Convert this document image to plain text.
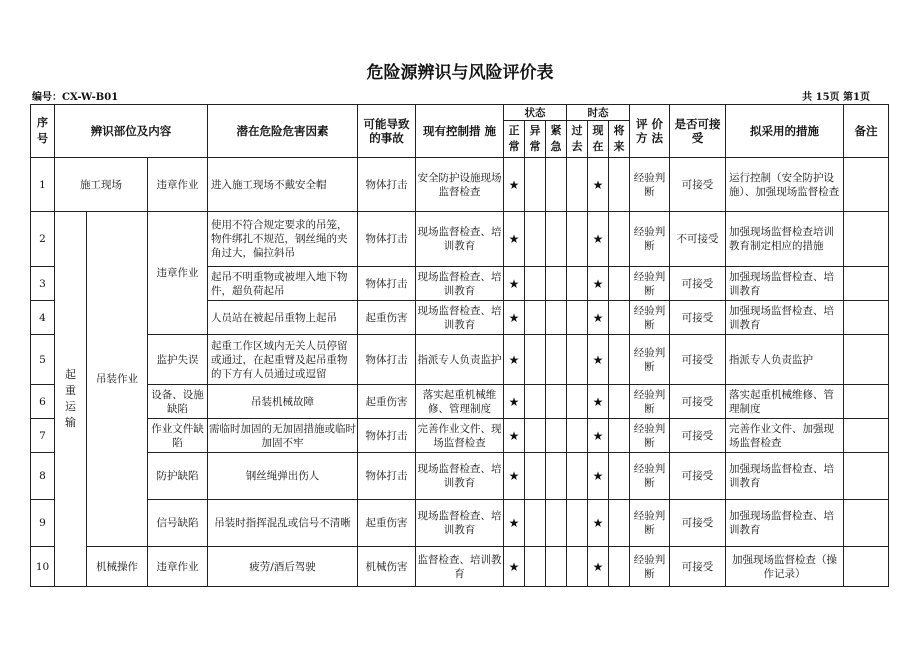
危险源辨识与风险评价表
编号：CX-W-B01	共 15页 第1页
序号	辨识部位及内容			潜在危险危害因素	可能导致的事故	现有控制措 施	状态			时态			评 价方 法	是否可接受	拟采用的措施	备注

							正常	异常	紧急	过去	现在	将来				

1	施工现场		违章作业	进入施工现场不戴安全帽	物体打击	安全防护设施现场监督检查	★				★		经验判断	可接受	运行控制（安全防护设施）、加强现场监督检查	
2	起重运输	吊装作业	违章作业	使用不符合规定要求的吊笼，物件绑扎不规范，钢丝绳的夹角过大，偏拉斜吊	物体打击	现场监督检查、培训教育	★				★		经验判断	不可接受	加强现场监督检查培训教育制定相应的措施	
3				起吊不明重物或被埋入地下物件，超负荷起吊	物体打击	现场监督检查、培训教育	★				★		经验判断	可接受	加强现场监督检查、培训教育	
4				人员站在被起吊重物上起吊	起重伤害	现场监督检查、培训教育	★				★		经验判断	可接受	加强现场监督检查、培训教育	
5			监护失误	起重工作区域内无关人员停留或通过，在起重臂及起吊重物的下方有人员通过或逗留	物体打击	指派专人负责监护	★				★		经验判断	可接受	指派专人负责监护	
6			设备、设施缺陷	吊装机械故障	起重伤害	落实起重机械维修、管理制度	★				★		经验判断	可接受	落实起重机械维修、管理制度	
7			作业文件缺陷	需临时加固的无加固措施或临时加固不牢	物体打击	完善作业文件、现场监督检查	★				★		经验判断	可接受	完善作业文件、加强现场监督检查	
8			防护缺陷	钢丝绳弹出伤人	物体打击	现场监督检查、培训教育	★				★		经验判断	可接受	加强现场监督检查、培训教育	
9			信号缺陷	吊装时指挥混乱或信号不清晰	起重伤害	现场监督检查、培训教育	★				★		经验判断	可接受	加强现场监督检查、培训教育	
10		机械操作	违章作业	疲劳/酒后驾驶	机械伤害	监督检查、培训教育	★				★		经验判断	可接受	加强现场监督检查（操作记录）	
